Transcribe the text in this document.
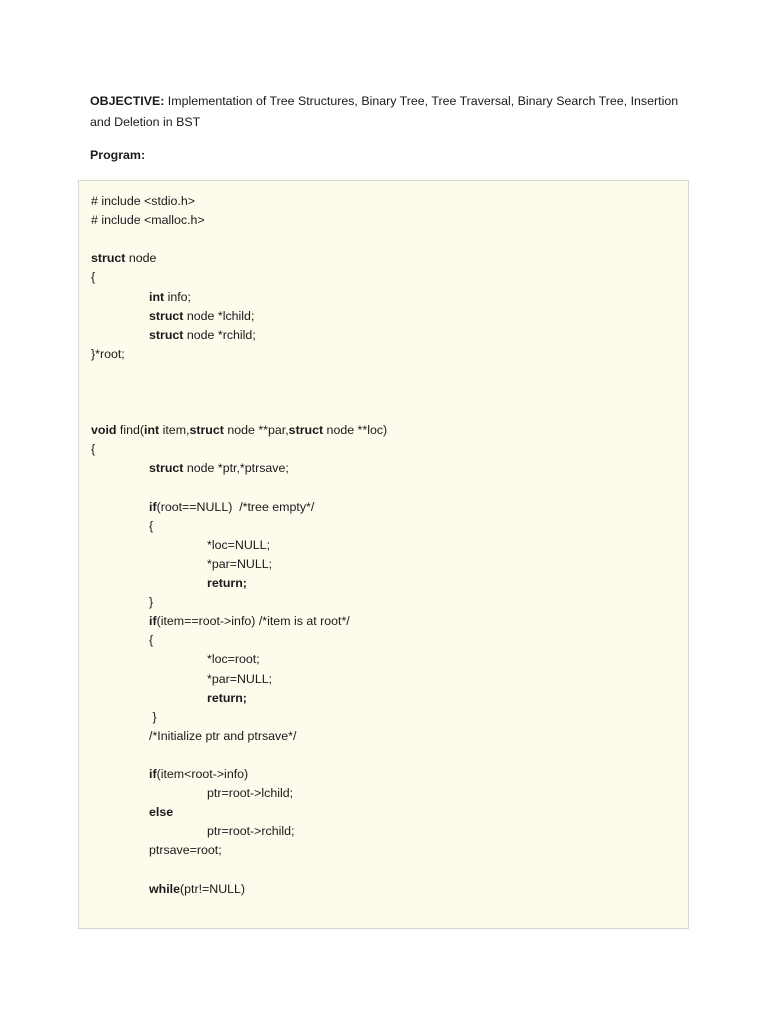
OBJECTIVE: Implementation of Tree Structures, Binary Tree, Tree Traversal, Binary Search Tree, Insertion and Deletion in BST
Program:
# include <stdio.h>
# include <malloc.h>
struct node
{
int info;
struct node *lchild;
struct node *rchild;
}*root;
void find(int item,struct node **par,struct node **loc)
{
struct node *ptr,*ptrsave;
if(root==NULL)  /*tree empty*/
{
*loc=NULL;
*par=NULL;
return;
}
if(item==root->info) /*item is at root*/
{
*loc=root;
*par=NULL;
return;
}
/*Initialize ptr and ptrsave*/
if(item<root->info)
ptr=root->lchild;
else
ptr=root->rchild;
ptrsave=root;
while(ptr!=NULL)
